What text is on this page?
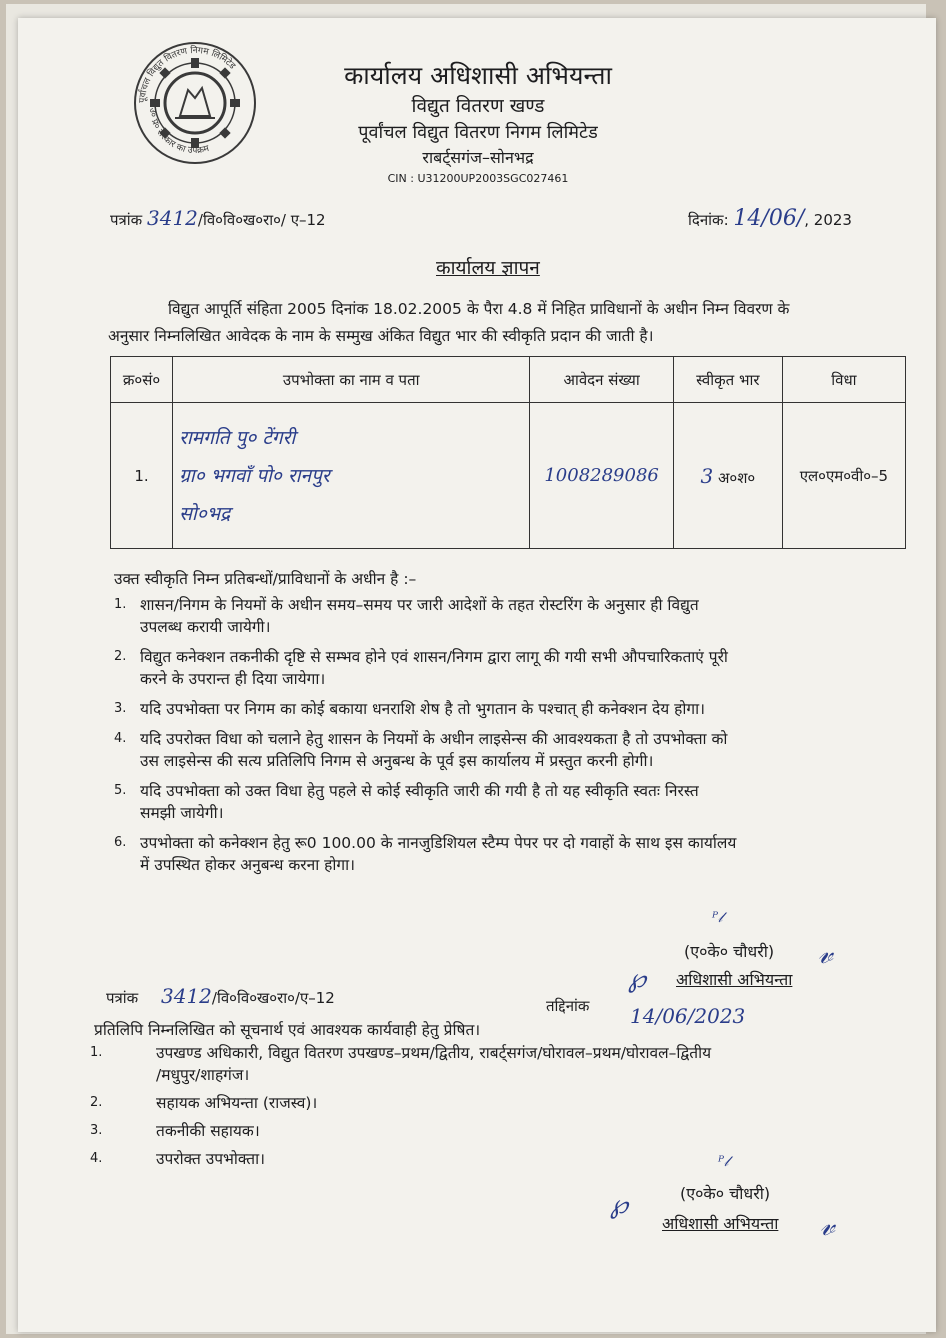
पूर्वांचल विद्युत वितरण निगम लिमिटेड
उ० प्र० सरकार का उपक्रम
कार्यालय अधिशासी अभियन्ता
विद्युत वितरण खण्ड
पूर्वांचल विद्युत वितरण निगम लिमिटेड
राबर्ट्सगंज–सोनभद्र
CIN : U31200UP2003SGC027461
पत्रांक 3412/वि०वि०ख०रा०/ ए–12	दिनांक: 14/06/, 2023
कार्यालय ज्ञापन
विद्युत आपूर्ति संहिता 2005 दिनांक 18.02.2005 के पैरा 4.8 में निहित प्राविधानों के अधीन निम्न विवरण के
अनुसार निम्नलिखित आवेदक के नाम के सम्मुख अंकित विद्युत भार की स्वीकृति प्रदान की जाती है।
क्र०सं०	उपभोक्ता का नाम व पता	आवेदन संख्या	स्वीकृत भार	विधा
1.	रामगति पु० टेंगरी
ग्रा० भगवाँ पो० रानपुर
सो०भद्र	1008289086	3 अ०श०	एल०एम०वी०–5
उक्त स्वीकृति निम्न प्रतिबन्धों/प्राविधानों के अधीन है :–
1. शासन/निगम के नियमों के अधीन समय–समय पर जारी आदेशों के तहत रोस्टरिंग के अनुसार ही विद्युत
उपलब्ध करायी जायेगी।
2. विद्युत कनेक्शन तकनीकी दृष्टि से सम्भव होने एवं शासन/निगम द्वारा लागू की गयी सभी औपचारिकताएं पूरी
करने के उपरान्त ही दिया जायेगा।
3. यदि उपभोक्ता पर निगम का कोई बकाया धनराशि शेष है तो भुगतान के पश्चात् ही कनेक्शन देय होगा।
4. यदि उपरोक्त विधा को चलाने हेतु शासन के नियमों के अधीन लाइसेन्स की आवश्यकता है तो उपभोक्ता को
उस लाइसेन्स की सत्य प्रतिलिपि निगम से अनुबन्ध के पूर्व इस कार्यालय में प्रस्तुत करनी होगी।
5. यदि उपभोक्ता को उक्त विधा हेतु पहले से कोई स्वीकृति जारी की गयी है तो यह स्वीकृति स्वतः निरस्त
समझी जायेगी।
6. उपभोक्ता को कनेक्शन हेतु रू0 100.00 के नानजुडिशियल स्टैम्प पेपर पर दो गवाहों के साथ इस कार्यालय
में उपस्थित होकर अनुबन्ध करना होगा।
ᴾ𝓁
℘
(ए०के० चौधरी)
अधिशासी अभियन्ता
𝓋
पत्रांक 3412/वि०वि०ख०रा०/ए–12	तद्दिनांक 14/06/2023
प्रतिलिपि निम्नलिखित को सूचनार्थ एवं आवश्यक कार्यवाही हेतु प्रेषित।
1.	उपखण्ड अधिकारी, विद्युत वितरण उपखण्ड–प्रथम/द्वितीय, राबर्ट्सगंज/घोरावल–प्रथम/घोरावल–द्वितीय
/मधुपुर/शाहगंज।
2.	सहायक अभियन्ता (राजस्व)।
3.	तकनीकी सहायक।
4.	उपरोक्त उपभोक्ता।	ᴾ𝓁
℘	(ए०के० चौधरी)
अधिशासी अभियन्ता 𝓋
